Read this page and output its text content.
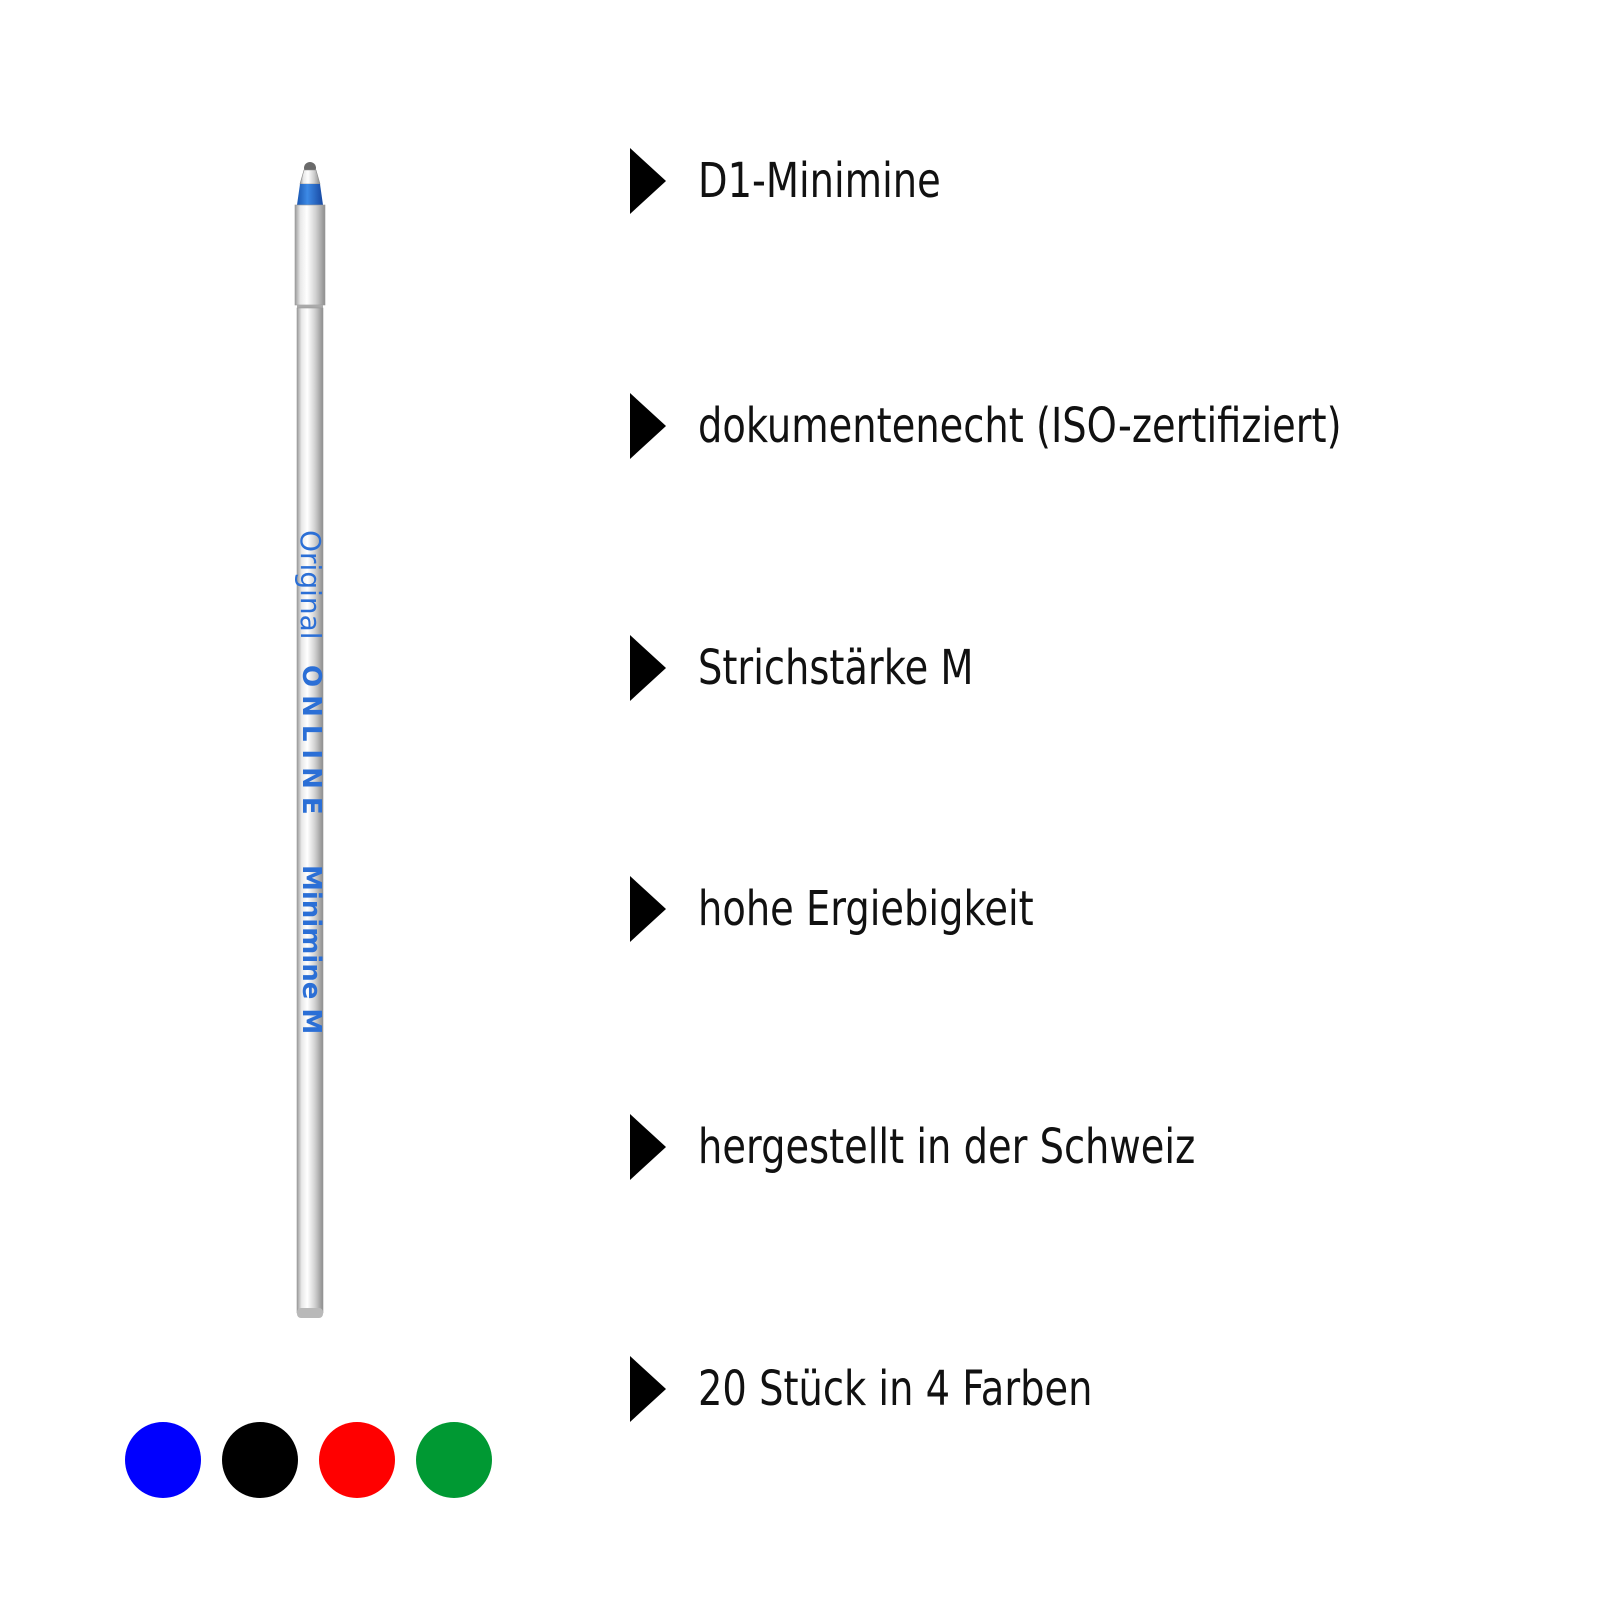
Original
ONLINE
Minimine M
D1-Minimine
dokumentenecht (ISO-zertifiziert)
Strichstärke M
hohe Ergiebigkeit
hergestellt in der Schweiz
20 Stück in 4 Farben
